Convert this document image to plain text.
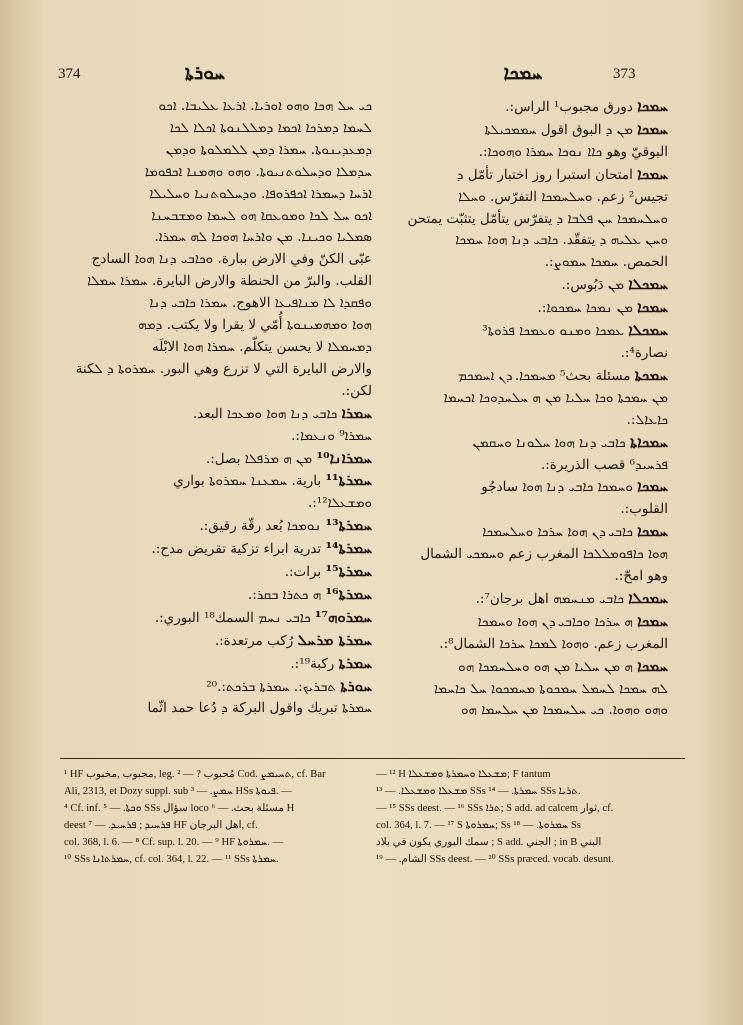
374	ܚܘܪܬܐ	ܚܡܟܐ	373
ܟܝ ܚܠ ܗܟܐ ܘܗܘ ܐܘܪܝܐ. ܐܪܥܐ ܥܠܝܒܐ. ܐܟܘ
ܠܚܡܐ ܕܡܪܟܐ ܐܟܡܐ ܕܡܠܠܢܘܬܐ ܐܟܠܐ ܠܟܐ
ܕܡܥܕܝܢܘܬܐ. ܚܡܪܐ ܕܡܢ ܠܠܡܠܘܬܐ ܘܕܡܢ
ܚܕܡܠܐ ܘܕܚܠܘܬܢܝܘܬܐ. ܘܗܘ ܘܗܡܢܐ ܐܟܦܘܡܐ
ܐܪܚܐ ܕܚܡܪܐ ܐܟܦܪܘܦܐ. ܘܕܚܠܘܬܢܝܐ ܘܚܠܝܠܐ
ܐܟܘ ܚܠ ܠܟܐ ܘܡܘܥܩܐ ܗܘ ܠܚܡܐ ܘܡܫܒܚܢܐ
ܣܡܠܝܐ ܘܟܝܢܐ. ܡܢ ܘܐܪܚܐ ܗܘܟܐ ܠܗ ܚܡܪܐ.
عبّى الكنّ وفي الارض ببارة. ܘܟܐܒܝ ܕܢܐ ܗܘܐ السادج
القلب. والبرّ من الحنطة والارض البايرة. ܚܡܪܐ ܚܡܠܐ
ܘܦܩܕܐ ܠܐ ܡܢܐܦܝܥܐ الاهوج. ܚܡܪܐ ܟܐܒܝ ܕܢܐ
ܗܘܐ ܘܡܗܡܝܢܘܬܐ أُمّي لا يقرا ولا يكتب. ܕܡܗ
ܕܡܚܡܠܐ لا يحسن يتكلّم. ܚܡܪܐ ܗܘܐ الابْلَه
والارض البايرة التي لا تزرع وهي البور. ܚܡܪܘܬܐ ܕ ܠكنة
لكن:.
ܚܡܪܐ ܟܐܒܝ ܕܢܐ ܗܘܐ ܘܡܥܟܐ البعد.
ܚܡܪܐ⁹ ܘܢܥܡܐ:.
ܚܡܪܐܢܐ¹⁰ ܡܢ ܗ ܡܪܦܠܐ بصل:.
ܚܡܪܬܐ¹¹ بارية. ܚܡܥܢܐ ܚܡܪܘܬܐ بواري
ܘܡܫܥܠܐ¹²:.
ܚܡܪܬܐ¹³ ܢܘܡܟܐ بُعد رقّة رقيق:.
ܚܡܪܬܐ¹⁴ تدرية ابراء تزكية تقريض مدح:.
ܚܡܪܬܐ¹⁵ برات:.
ܚܡܪܬܐ¹⁶ ܗ ܟܬܪܐ ܒܩܪ:.
ܚܡܪܘܗ¹⁷ ܟܐܒܝ ܢܚܡ السمك¹⁸ البوري:.
ܚܡܪܬܐ ܡܪܚܠ رُكب مرتعدة:.
ܚܡܪܬܐ ركبة¹⁹:.
ܚܘܪܬܐ ܬܒܪܝܟ:. ܚܡܪܬܐ ܒܪܟܬ:.²⁰
ܚܡܪܬܐ تبريك واقول البركة ܕ دُعا حمد اثّما
ܚܡܟܐ دورق مجبوب¹ الراس:.
ܚܡܟܐ ܡܢ ܕ البوق اقول ܚܡܡܟܝܠܬܐ
البوقيّ وهو ܟܐܐ ܢܘܟܐ ܚܡܪܐ ܘܗܘܟܐ:.
ܚܡܟܐ امتحان استبرا روز اختبار تأمّل ܕ
تجيس² زعم. ܘܚܠܚܡܟܐ التفرّس. ܘܚܠܐ
ܘܚܠܚܡܟܐ ܚܢ ܦܠܒܐ ܕ يتفرّس يتأمّل يتثبّت يمتحن
ܘܚܢ ܥܠܝܗ ܕ يتفقّد. ܟܐܒܝ ܕܢܐ ܗܘܐ ܚܡܟܐ
الحمص. ܚܡܟܐ ܚܡܘܨ:.
ܚܡܟܠܐ ܡܢ دَبُوس:.
ܚܡܟܐ ܡܢ ܢܡܟܐ ܚܡܟܘܐ:.
ܚܡܟܠܐ ܥܡܟܐ ܘܡܢܘ ܘܥܡܟܐ ܦܪܘܬܐ³
نصارة⁴:.
ܚܡܟܬܐ مسئلة بحث⁵ ܡܚܡܟܐ. ܕܢ ܐܚܡܟܡ
ܡܢ ܚܡܟܬܐ ܘܟܐ ܚܠܝܐ ܡܢ ܗ ܚܠܚܕܘܟܐ ܐܟܚܡܐ
ܟܐܥܐܠ:.
ܚܡܟܐܬܐ ܟܐܒܝ ܕܢܐ ܗܘܐ ܚܠܘܢܐ ܘܚܩܡܢ
ܦܪܚܝܕ⁶ قصب الذريرة:.
ܚܡܟܐ ܘܚܡܟܐ ܟܐܒܝ ܕܢܐ ܗܘܐ سادجُو
القلوب:.
ܚܡܟܐ ܟܐܒܝ ܕܢ ܗܘܐ ܚܪܟܐ ܘܚܠܚܡܟܐ
ܗܘܐ ܟܐܦܘܡܠܠܟܐ المغرب زعم ܘܚܡܟܝ الشمال
وهو امحّ:.
ܚܡܟܠܐ ܟܐܒܝ ܡܢܚܡܗ اهل برجان⁷:.
ܚܡܟܐ ܗ ܚܪܟܐ ܘܟܐܒܝ ܕܢ ܗܘܐ ܘܚܡܟܐ
المغرب زعم. ܘܗܘܐ ܠܡܟܐ ܚܪܟܐ الشمال⁸:.
ܚܡܟܐ ܗ ܡܢ ܚܠܝܐ ܡܢ ܗܘ ܘܚܠܚܡܟܐ ܗܘ
ܠܗ ܚܡܟܐ ܠܚܡܠ ܚܡܟܘܬܐ ܡܚܡܟܘܐ ܚܠ ܟܐܚܡܐ
ܘܗܘ ܘܗܘܐ. ܟܝ ܚܠܚܡܟܐ ܡܢ ܚܠܚܡܐ ܗܘ

¹ HF مجبوب ,مخبوب, leg. مُحبوب ? — ² Cod. ܬܚܝܡܨ, cf. Bar

Ali, 2313, et Dozy suppl. sub ܚܡܨ. — ³ HSs ܦܝܘܬܐ. —

⁴ Cf. inf. ܘܟܬܐ. — ⁵ SSs سؤال loco مسئلة بحث. — ⁶ H

deest ܦܪܚܝܕ ; ܦܪܚܝܕ. — ⁷ HF اهل البرجان, cf.

col. 368, l. 6. — ⁸ Cf. sup. l. 20. — ⁹ HF ܚܡܪܘܬܐ. —

¹⁰ SSs ܚܡܪܬܐܢܐ, cf. col. 364, l. 22. — ¹¹ SSs ܚܡܪܬܐ.

— ¹² H ܡܫܥܠܐ ܘܚܡܪܬܐ ܘܡܫܥܠܐ; F tantum

ܡܫܥܠܐ ܘܡܫܥܠܐ. — ¹³ SSs ܚܡܪܬܐ. — ¹⁴ SSs ܬܪܝܐ.

— ¹⁵ SSs deest. — ¹⁶ SSs ܬܪܐ; S add. ad calcem ثوار, cf.

col. 364, l. 7. — ¹⁷ S ܚܡܪܘܬܐ; Ss ܚܡܪܘܬܐ. — ¹⁸ Ss

سمك البوري يكون في بلاد ; S add. الجني ; in B البني

الشام. — ¹⁹ SSs deest. — ²⁰ SSs præced. vocab. desunt.
